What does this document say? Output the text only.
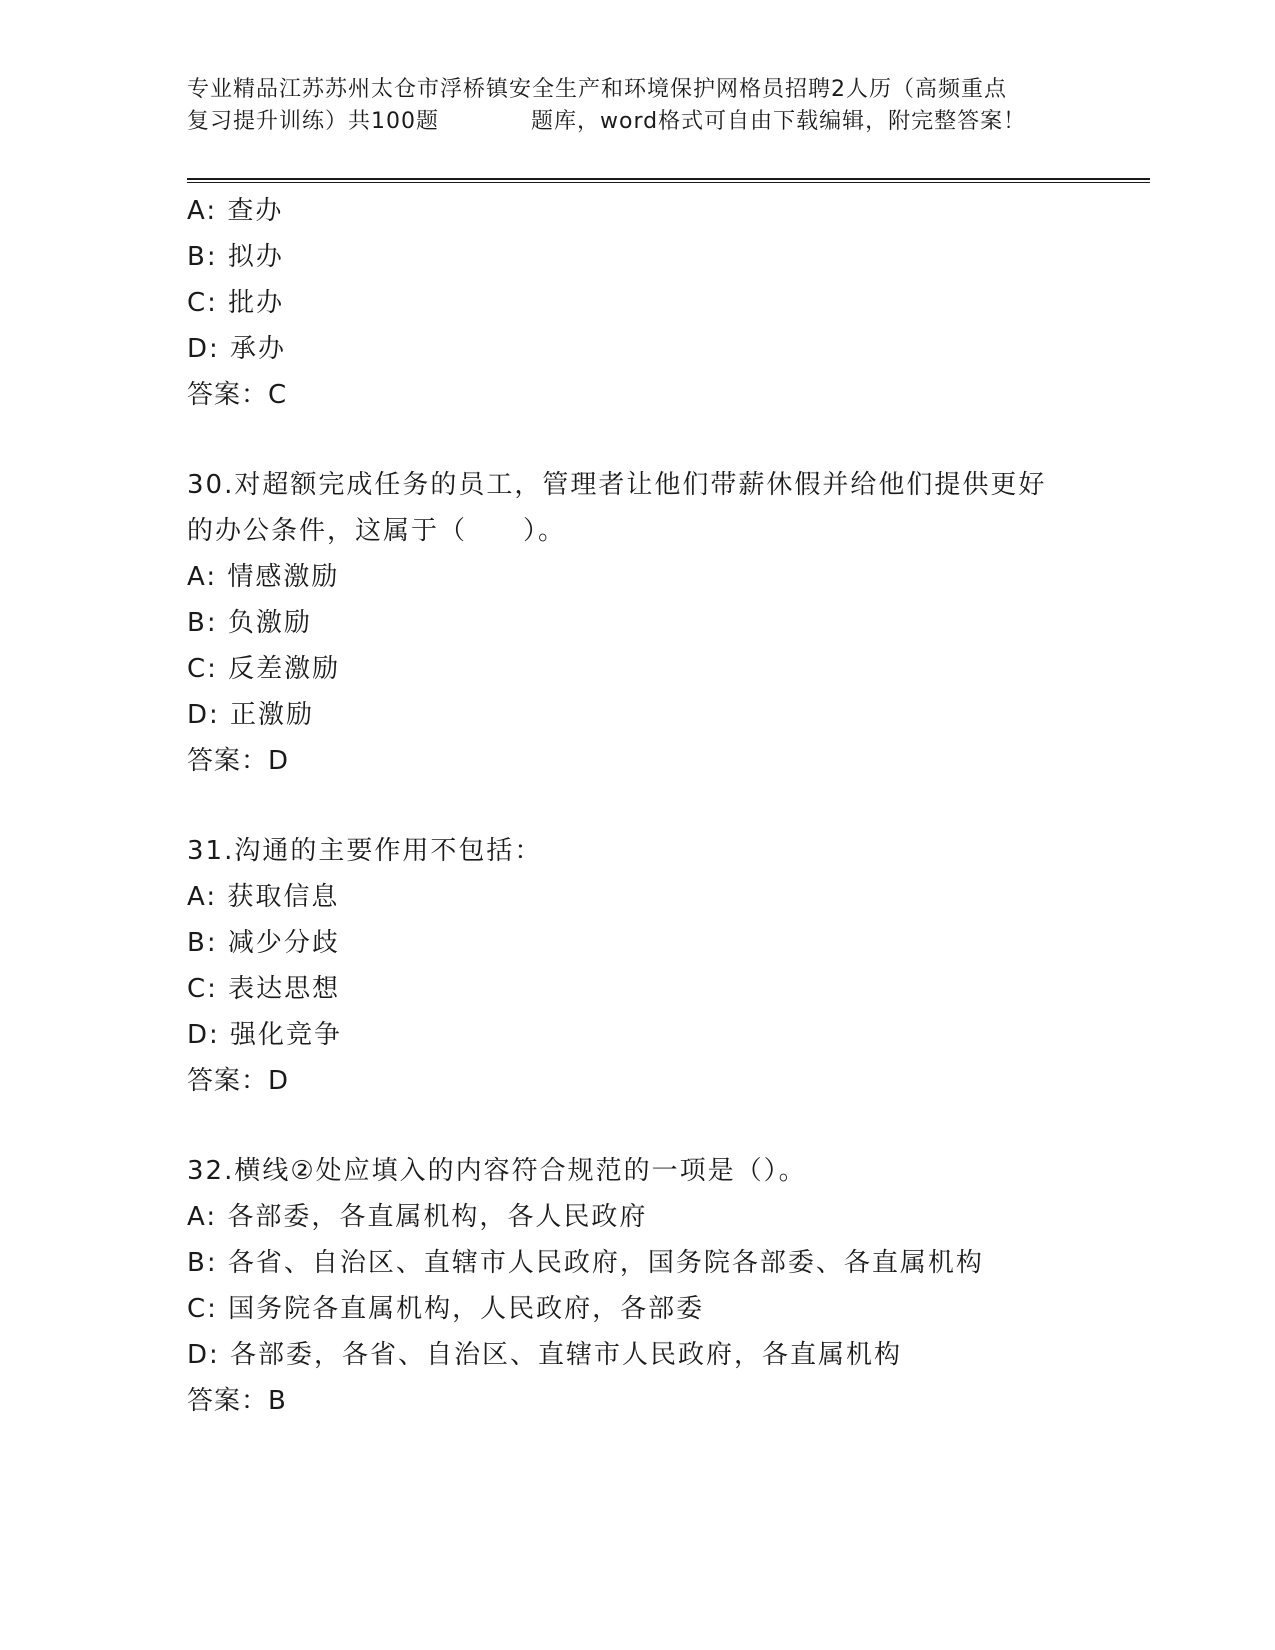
专业精品江苏苏州太仓市浮桥镇安全生产和环境保护网格员招聘2人历（高频重点
复习提升训练）共100题　　　　题库，word格式可自由下载编辑，附完整答案！
A: 查办
B: 拟办
C: 批办
D: 承办
答案：C
30.对超额完成任务的员工，管理者让他们带薪休假并给他们提供更好
的办公条件，这属于（　　）。
A: 情感激励
B: 负激励
C: 反差激励
D: 正激励
答案：D
31.沟通的主要作用不包括：
A: 获取信息
B: 减少分歧
C: 表达思想
D: 强化竞争
答案：D
32.横线②处应填入的内容符合规范的一项是（）。
A: 各部委，各直属机构，各人民政府
B: 各省、自治区、直辖市人民政府，国务院各部委、各直属机构
C: 国务院各直属机构，人民政府，各部委
D: 各部委，各省、自治区、直辖市人民政府，各直属机构
答案：B
